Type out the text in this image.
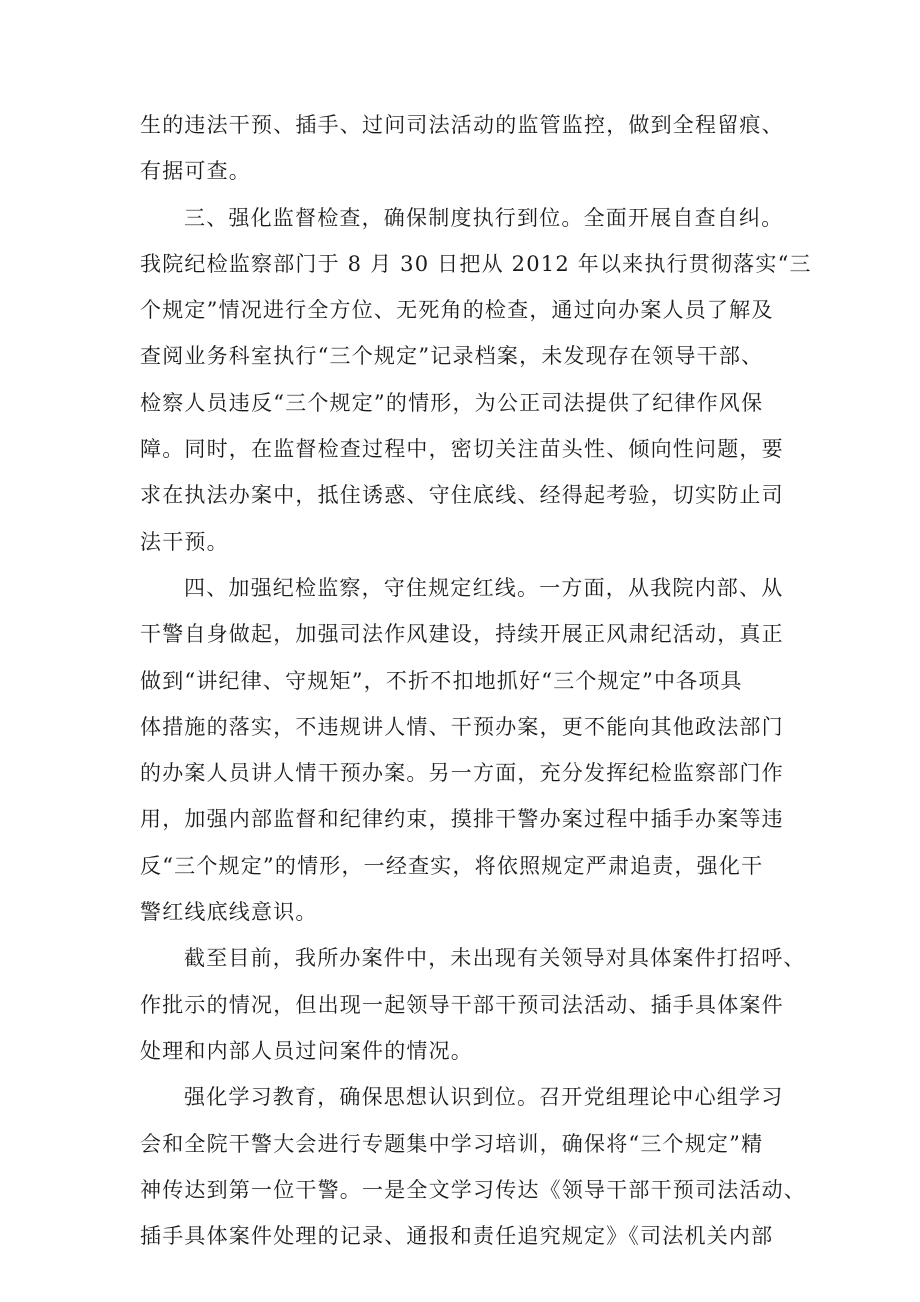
生的违法干预、插手、过问司法活动的监管监控，做到全程留痕、
有据可查。
三、强化监督检查，确保制度执行到位。全面开展自查自纠。
我院纪检监察部门于 8 月 30 日把从 2012 年以来执行贯彻落实“三
个规定”情况进行全方位、无死角的检查，通过向办案人员了解及
查阅业务科室执行“三个规定”记录档案，未发现存在领导干部、
检察人员违反“三个规定”的情形，为公正司法提供了纪律作风保
障。同时，在监督检查过程中，密切关注苗头性、倾向性问题，要
求在执法办案中，抵住诱惑、守住底线、经得起考验，切实防止司
法干预。
四、加强纪检监察，守住规定红线。一方面，从我院内部、从
干警自身做起，加强司法作风建设，持续开展正风肃纪活动，真正
做到“讲纪律、守规矩”，不折不扣地抓好“三个规定”中各项具
体措施的落实，不违规讲人情、干预办案，更不能向其他政法部门
的办案人员讲人情干预办案。另一方面，充分发挥纪检监察部门作
用，加强内部监督和纪律约束，摸排干警办案过程中插手办案等违
反“三个规定”的情形，一经查实，将依照规定严肃追责，强化干
警红线底线意识。
截至目前，我所办案件中，未出现有关领导对具体案件打招呼、
作批示的情况，但出现一起领导干部干预司法活动、插手具体案件
处理和内部人员过问案件的情况。
强化学习教育，确保思想认识到位。召开党组理论中心组学习
会和全院干警大会进行专题集中学习培训，确保将“三个规定”精
神传达到第一位干警。一是全文学习传达《领导干部干预司法活动、
插手具体案件处理的记录、通报和责任追究规定》《司法机关内部
